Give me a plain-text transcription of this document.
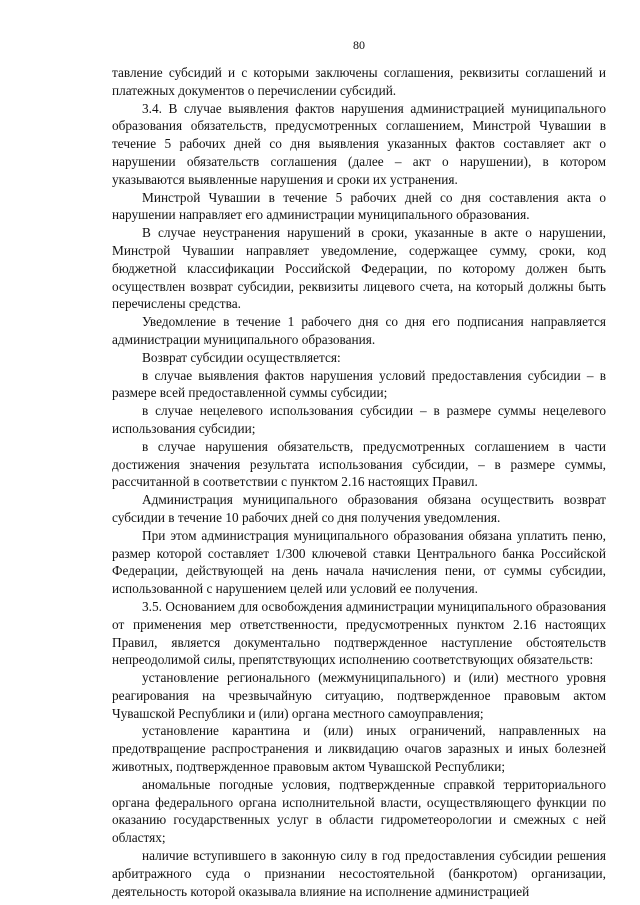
80

тавление субсидий и с которыми заключены соглашения, реквизиты соглашений и платежных документов о перечислении субсидий.

3.4. В случае выявления фактов нарушения администрацией муниципального образования обязательств, предусмотренных соглашением, Минстрой Чувашии в течение 5 рабочих дней со дня выявления указанных фактов составляет акт о нарушении обязательств соглашения (далее – акт о нарушении), в котором указываются выявленные нарушения и сроки их устранения.

Минстрой Чувашии в течение 5 рабочих дней со дня составления акта о нарушении направляет его администрации муниципального образования.

В случае неустранения нарушений в сроки, указанные в акте о нарушении, Минстрой Чувашии направляет уведомление, содержащее сумму, сроки, код бюджетной классификации Российской Федерации, по которому должен быть осуществлен возврат субсидии, реквизиты лицевого счета, на который должны быть перечислены средства.

Уведомление в течение 1 рабочего дня со дня его подписания направляется администрации муниципального образования.

Возврат субсидии осуществляется:

в случае выявления фактов нарушения условий предоставления субсидии – в размере всей предоставленной суммы субсидии;

в случае нецелевого использования субсидии – в размере суммы нецелевого использования субсидии;

в случае нарушения обязательств, предусмотренных соглашением в части достижения значения результата использования субсидии, – в размере суммы, рассчитанной в соответствии с пунктом 2.16 настоящих Правил.

Администрация муниципального образования обязана осуществить возврат субсидии в течение 10 рабочих дней со дня получения уведомления.

При этом администрация муниципального образования обязана уплатить пеню, размер которой составляет 1/300 ключевой ставки Центрального банка Российской Федерации, действующей на день начала начисления пени, от суммы субсидии, использованной с нарушением целей или условий ее получения.

3.5. Основанием для освобождения администрации муниципального образования от применения мер ответственности, предусмотренных пунктом 2.16 настоящих Правил, является документально подтвержденное наступление обстоятельств непреодолимой силы, препятствующих исполнению соответствующих обязательств:

установление регионального (межмуниципального) и (или) местного уровня реагирования на чрезвычайную ситуацию, подтвержденное правовым актом Чувашской Республики и (или) органа местного самоуправления;

установление карантина и (или) иных ограничений, направленных на предотвращение распространения и ликвидацию очагов заразных и иных болезней животных, подтвержденное правовым актом Чувашской Республики;

аномальные погодные условия, подтвержденные справкой территориального органа федерального органа исполнительной власти, осуществляющего функции по оказанию государственных услуг в области гидрометеорологии и смежных с ней областях;

наличие вступившего в законную силу в год предоставления субсидии решения арбитражного суда о признании несостоятельной (банкротом) организации, деятельность которой оказывала влияние на исполнение администрацией
